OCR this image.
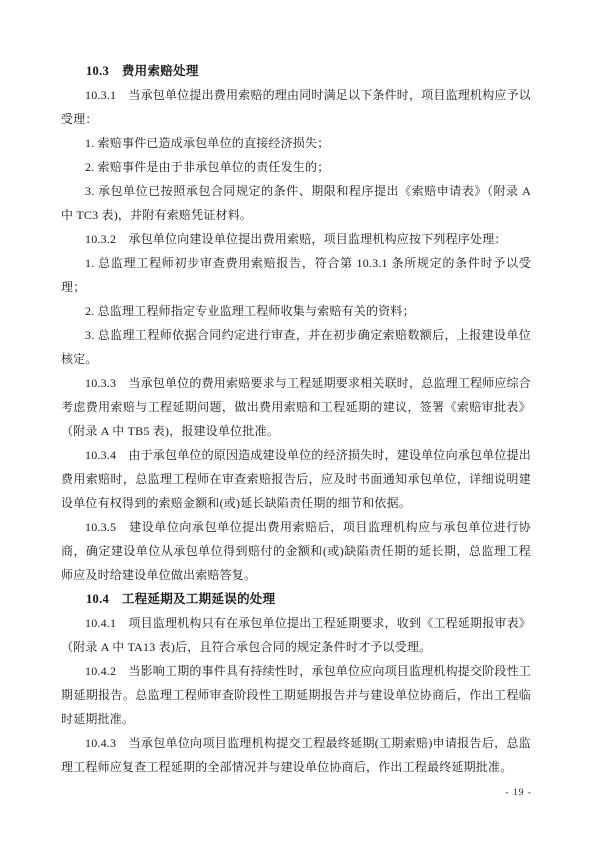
10.3　费用索赔处理

10.3.1　当承包单位提出费用索赔的理由同时满足以下条件时，项目监理机构应予以受理：

1. 索赔事件已造成承包单位的直接经济损失；

2. 索赔事件是由于非承包单位的责任发生的；

3. 承包单位已按照承包合同规定的条件、期限和程序提出《索赔申请表》（附录 A 中 TC3 表)，并附有索赔凭证材料。

10.3.2　承包单位向建设单位提出费用索赔，项目监理机构应按下列程序处理：

1. 总监理工程师初步审查费用索赔报告，符合第 10.3.1 条所规定的条件时予以受理；

2. 总监理工程师指定专业监理工程师收集与索赔有关的资料；

3. 总监理工程师依据合同约定进行审查，并在初步确定索赔数额后，上报建设单位核定。

10.3.3　当承包单位的费用索赔要求与工程延期要求相关联时，总监理工程师应综合考虑费用索赔与工程延期问题，做出费用索赔和工程延期的建议，签署《索赔审批表》（附录 A 中 TB5 表)，报建设单位批准。

10.3.4　由于承包单位的原因造成建设单位的经济损失时，建设单位向承包单位提出费用索赔时，总监理工程师在审查索赔报告后，应及时书面通知承包单位，详细说明建设单位有权得到的索赔金额和(或)延长缺陷责任期的细节和依据。

10.3.5　建设单位向承包单位提出费用索赔后，项目监理机构应与承包单位进行协商，确定建设单位从承包单位得到赔付的金额和(或)缺陷责任期的延长期，总监理工程师应及时给建设单位做出索赔答复。

10.4　工程延期及工期延误的处理

10.4.1　项目监理机构只有在承包单位提出工程延期要求，收到《工程延期报审表》（附录 A 中 TA13 表)后，且符合承包合同的规定条件时才予以受理。

10.4.2　当影响工期的事件具有持续性时，承包单位应向项目监理机构提交阶段性工期延期报告。总监理工程师审查阶段性工期延期报告并与建设单位协商后，作出工程临时延期批准。

10.4.3　当承包单位向项目监理机构提交工程最终延期(工期索赔)申请报告后，总监理工程师应复查工程延期的全部情况并与建设单位协商后，作出工程最终延期批准。

- 19 -
